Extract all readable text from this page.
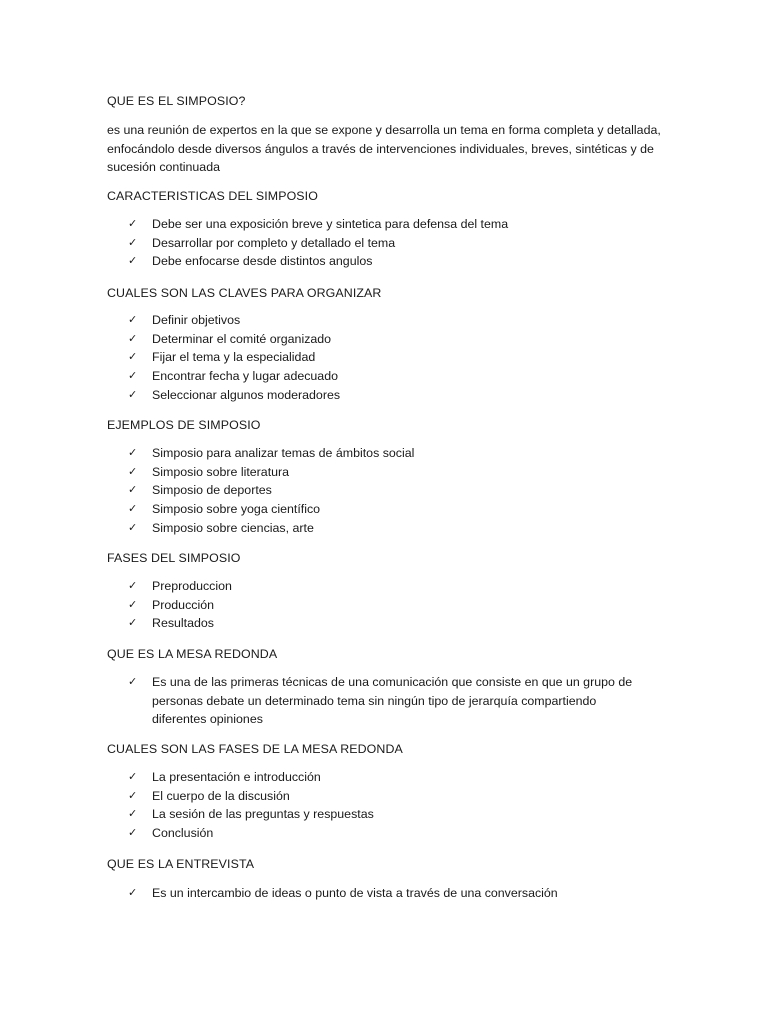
QUE ES EL SIMPOSIO?

es una reunión de expertos en la que se expone y desarrolla un tema en forma completa y detallada, enfocándolo desde diversos ángulos a través de intervenciones individuales, breves, sintéticas y de sucesión continuada

CARACTERISTICAS DEL SIMPOSIO
✓ Debe ser una exposición breve y sintetica para defensa del tema
✓ Desarrollar por completo y detallado el tema
✓ Debe enfocarse desde distintos angulos
CUALES SON LAS CLAVES PARA ORGANIZAR
✓ Definir objetivos
✓ Determinar el comité organizado
✓ Fijar el tema y la especialidad
✓ Encontrar fecha y lugar adecuado
✓ Seleccionar algunos moderadores
EJEMPLOS DE SIMPOSIO
✓ Simposio para analizar temas de ámbitos social
✓ Simposio sobre literatura
✓ Simposio de deportes
✓ Simposio sobre yoga científico
✓ Simposio sobre ciencias, arte
FASES DEL SIMPOSIO
✓ Preproduccion
✓ Producción
✓ Resultados
QUE ES LA MESA REDONDA
✓ Es una de las primeras técnicas de una comunicación que consiste en que un grupo de personas debate un determinado tema sin ningún tipo de jerarquía compartiendo diferentes opiniones
CUALES SON LAS FASES DE LA MESA REDONDA
✓ La presentación e introducción
✓ El cuerpo de la discusión
✓ La sesión de las preguntas y respuestas
✓ Conclusión
QUE ES LA ENTREVISTA
✓ Es un intercambio de ideas o punto de vista a través de una conversación
